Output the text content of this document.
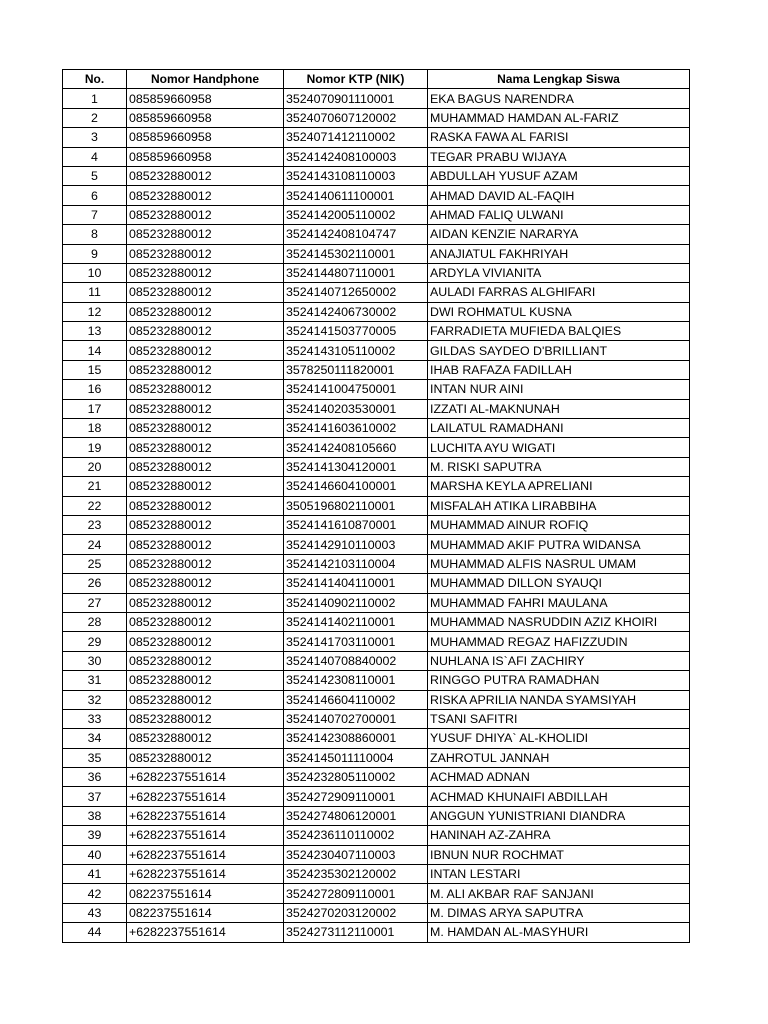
No.	Nomor Handphone	Nomor KTP (NIK)	Nama Lengkap Siswa
1	085859660958	3524070901110001	EKA BAGUS NARENDRA
2	085859660958	3524070607120002	MUHAMMAD HAMDAN AL-FARIZ
3	085859660958	3524071412110002	RASKA FAWA AL FARISI
4	085859660958	3524142408100003	TEGAR PRABU WIJAYA
5	085232880012	3524143108110003	ABDULLAH YUSUF AZAM
6	085232880012	3524140611100001	AHMAD DAVID AL-FAQIH
7	085232880012	3524142005110002	AHMAD FALIQ ULWANI
8	085232880012	3524142408104747	AIDAN KENZIE NARARYA
9	085232880012	3524145302110001	ANAJIATUL FAKHRIYAH
10	085232880012	3524144807110001	ARDYLA VIVIANITA
11	085232880012	3524140712650002	AULADI FARRAS ALGHIFARI
12	085232880012	3524142406730002	DWI ROHMATUL KUSNA
13	085232880012	3524141503770005	FARRADIETA MUFIEDA BALQIES
14	085232880012	3524143105110002	GILDAS SAYDEO D'BRILLIANT
15	085232880012	3578250111820001	IHAB RAFAZA FADILLAH
16	085232880012	3524141004750001	INTAN NUR AINI
17	085232880012	3524140203530001	IZZATI AL-MAKNUNAH
18	085232880012	3524141603610002	LAILATUL RAMADHANI
19	085232880012	3524142408105660	LUCHITA AYU WIGATI
20	085232880012	3524141304120001	M. RISKI SAPUTRA
21	085232880012	3524146604100001	MARSHA KEYLA APRELIANI
22	085232880012	3505196802110001	MISFALAH ATIKA LIRABBIHA
23	085232880012	3524141610870001	MUHAMMAD AINUR ROFIQ
24	085232880012	3524142910110003	MUHAMMAD AKIF PUTRA WIDANSA
25	085232880012	3524142103110004	MUHAMMAD ALFIS NASRUL UMAM
26	085232880012	3524141404110001	MUHAMMAD DILLON SYAUQI
27	085232880012	3524140902110002	MUHAMMAD FAHRI MAULANA
28	085232880012	3524141402110001	MUHAMMAD NASRUDDIN AZIZ KHOIRI
29	085232880012	3524141703110001	MUHAMMAD REGAZ HAFIZZUDIN
30	085232880012	3524140708840002	NUHLANA IS`AFI ZACHIRY
31	085232880012	3524142308110001	RINGGO PUTRA RAMADHAN
32	085232880012	3524146604110002	RISKA APRILIA NANDA SYAMSIYAH
33	085232880012	3524140702700001	TSANI SAFITRI
34	085232880012	3524142308860001	YUSUF DHIYA` AL-KHOLIDI
35	085232880012	3524145011110004	ZAHROTUL JANNAH
36	+6282237551614	3524232805110002	ACHMAD ADNAN
37	+6282237551614	3524272909110001	ACHMAD KHUNAIFI ABDILLAH
38	+6282237551614	3524274806120001	ANGGUN YUNISTRIANI DIANDRA
39	+6282237551614	3524236110110002	HANINAH AZ-ZAHRA
40	+6282237551614	3524230407110003	IBNUN NUR ROCHMAT
41	+6282237551614	3524235302120002	INTAN LESTARI
42	082237551614	3524272809110001	M. ALI AKBAR RAF SANJANI
43	082237551614	3524270203120002	M. DIMAS ARYA SAPUTRA
44	+6282237551614	3524273112110001	M. HAMDAN AL-MASYHURI
